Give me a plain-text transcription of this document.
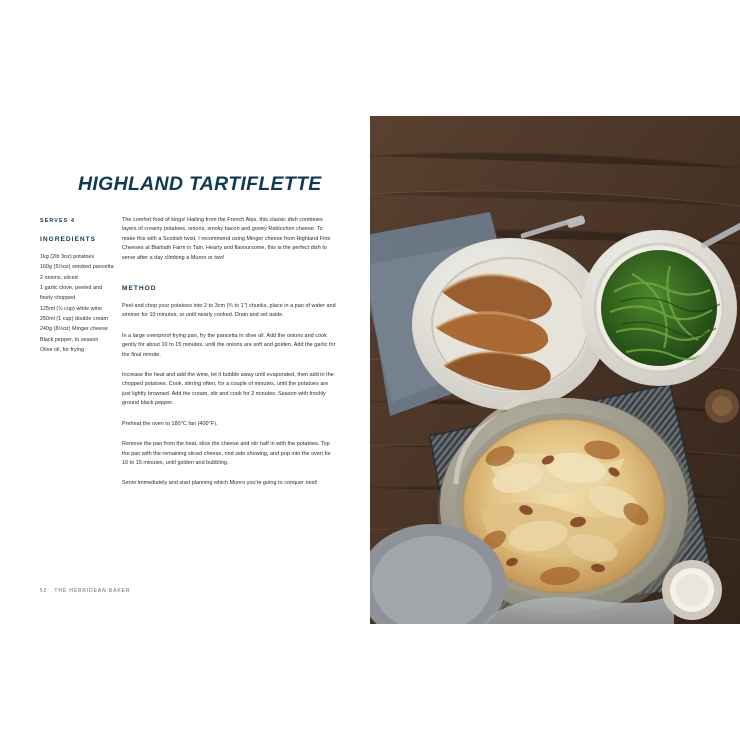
HIGHLAND TARTIFLETTE
SERVES 4
INGREDIENTS
1kg (2lb 3oz) potatoes
160g (5½oz) smoked pancetta
2 onions, sliced
1 garlic clove, peeled and finely chopped
125ml (½ cup) white wine
250ml (1 cup) double cream
240g (8½oz) Minger cheese
Black pepper, to season
Olive oil, for frying

The comfort food of kings! Hailing from the French Alps, this classic dish combines layers of creamy potatoes, onions, smoky bacon and gooey Reblochon cheese. To make this with a Scottish twist, I recommend using Minger cheese from Highland Fine Cheeses at Blarliath Farm in Tain. Hearty and flavoursome, this is the perfect dish to serve after a day climbing a Munro or two!

METHOD
Peel and chop your potatoes into 2 to 3cm (¾ to 1") chunks, place in a pan of water and simmer for 10 minutes, or until nearly cooked. Drain and set aside.
In a large ovenproof frying pan, fry the pancetta in olive oil. Add the onions and cook gently for about 10 to 15 minutes, until the onions are soft and golden. Add the garlic for the final minute.
Increase the heat and add the wine, let it bubble away until evaporated, then add in the chopped potatoes. Cook, stirring often, for a couple of minutes, until the potatoes are just lightly browned. Add the cream, stir and cook for 2 minutes. Season with freshly ground black pepper.
Preheat the oven to 180°C fan (400°F).
Remove the pan from the heat, slice the cheese and stir half in with the potatoes. Top the pan with the remaining sliced cheese, rind side showing, and pop into the oven for 10 to 15 minutes, until golden and bubbling.
Serve immediately and start planning which Munro you're going to conquer next!
52 THE HEBRIDEAN BAKER
